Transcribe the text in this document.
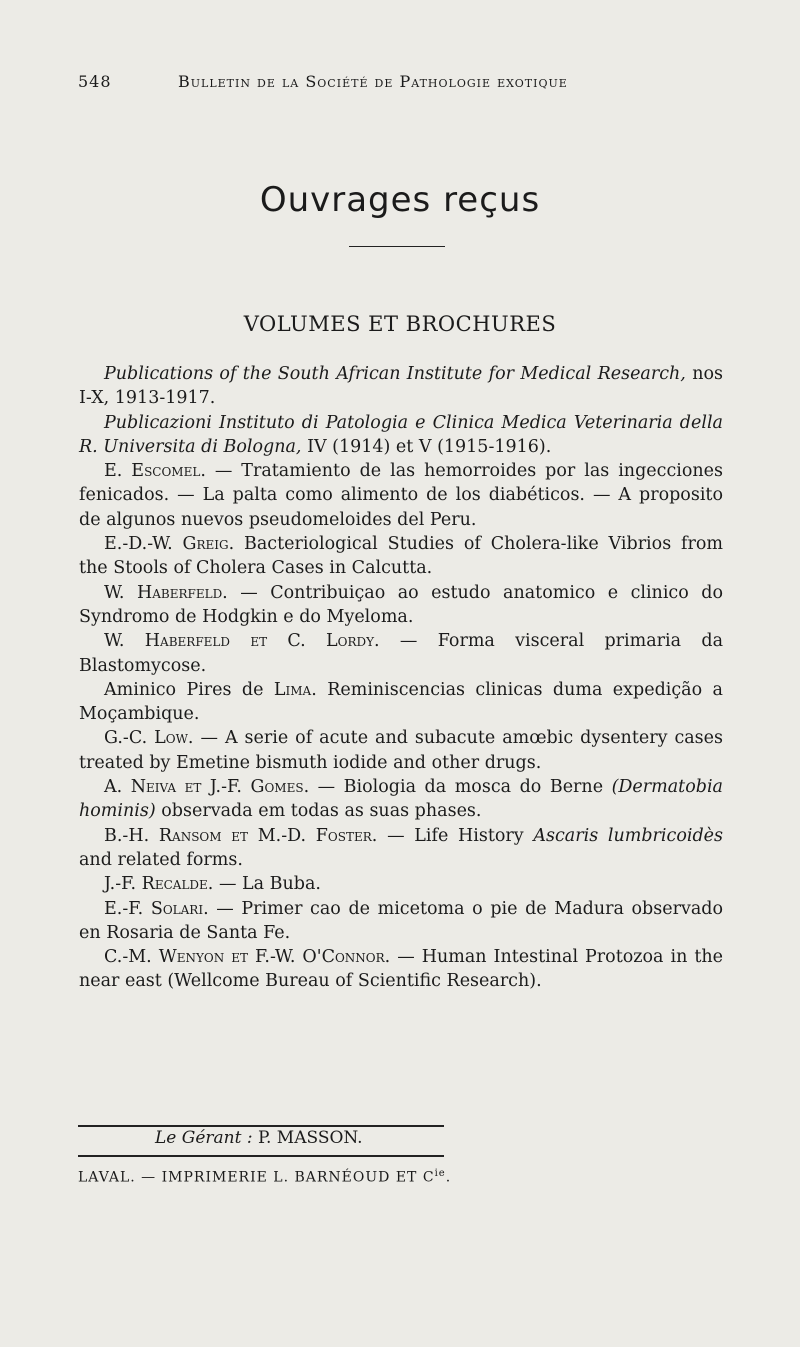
548	Bulletin de la Société de Pathologie exotique
Ouvrages reçus
VOLUMES ET BROCHURES

Publications of the South African Institute for Medical Research, nos I-X, 1913-1917.

Publicazioni Instituto di Patologia e Clinica Medica Veterinaria della R. Universita di Bologna, IV (1914) et V (1915-1916).

E. Escomel. — Tratamiento de las hemorroides por las ingecciones fenicados. — La palta como alimento de los diabéticos. — A proposito de algunos nuevos pseudomeloides del Peru.

E.-D.-W. Greig. Bacteriological Studies of Cholera-like Vibrios from the Stools of Cholera Cases in Calcutta.

W. Haberfeld. — Contribuiçao ao estudo anatomico e clinico do Syndromo de Hodgkin e do Myeloma.

W. Haberfeld et C. Lordy. — Forma visceral primaria da Blastomycose.

Aminico Pires de Lima. Reminiscencias clinicas duma expedição a Moçambique.

G.-C. Low. — A serie of acute and subacute amœbic dysentery cases treated by Emetine bismuth iodide and other drugs.

A. Neiva et J.-F. Gomes. — Biologia da mosca do Berne (Dermatobia hominis) observada em todas as suas phases.

B.-H. Ransom et M.-D. Foster. — Life History Ascaris lumbricoidès and related forms.

J.-F. Recalde. — La Buba.

E.-F. Solari. — Primer cao de micetoma o pie de Madura observado en Rosaria de Santa Fe.

C.-M. Wenyon et F.-W. O'Connor. — Human Intestinal Protozoa in the near east (Wellcome Bureau of Scientific Research).

Le Gérant : P. MASSON.
LAVAL. — IMPRIMERIE L. BARNÉOUD ET $C^{ie}$.
